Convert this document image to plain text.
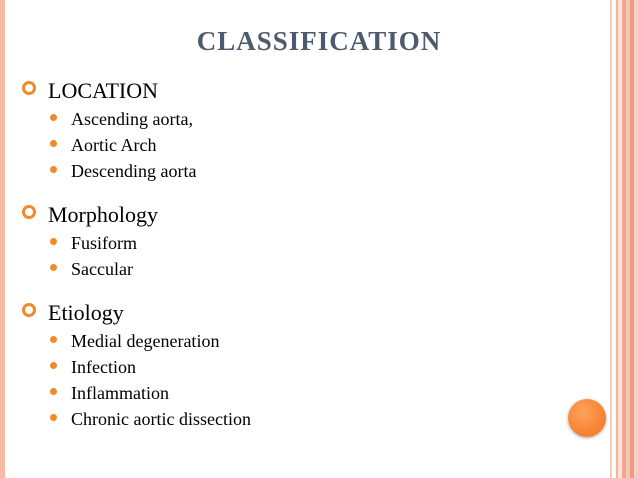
CLASSIFICATION
LOCATION
Ascending aorta,
Aortic Arch
Descending aorta
Morphology
Fusiform
Saccular
Etiology
Medial degeneration
Infection
Inflammation
Chronic aortic dissection
